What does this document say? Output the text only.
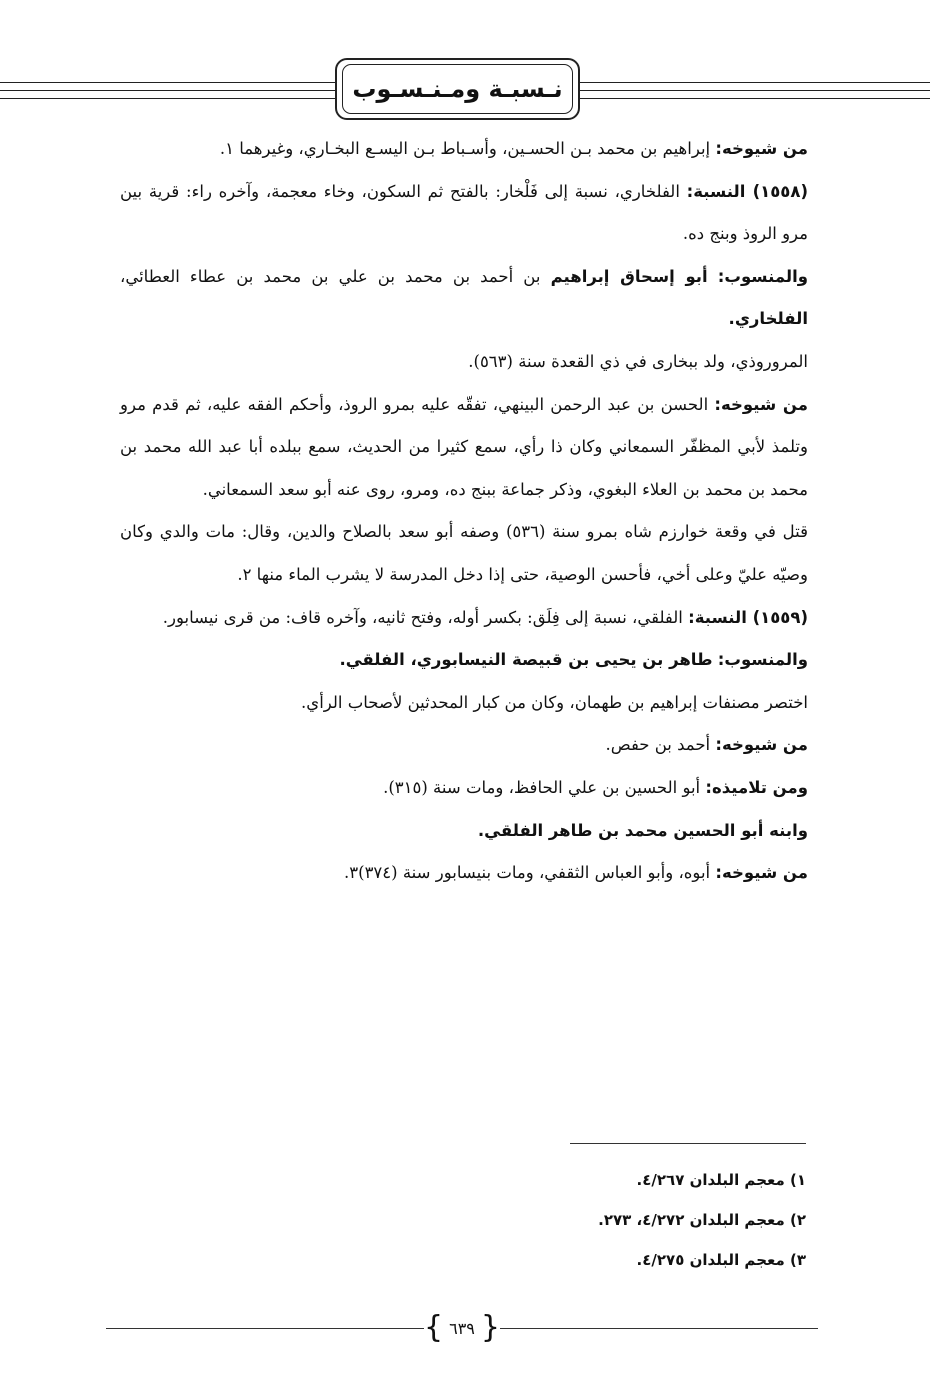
نـسبـة ومـنـسـوب

من شيوخه: إبراهيم بن محمد بـن الحسـين، وأسـباط بـن اليسـع البخـاري، وغيرهما ١.

(١٥٥٨) النسبة: الفلخاري، نسبة إلى فَلْخار: بالفتح ثم السكون، وخاء معجمة، وآخره راء: قرية بين مرو الروذ وبنج ده.

والمنسوب: أبو إسحاق إبراهيم بن أحمد بن محمد بن علي بن محمد بن عطاء العطائي، الفلخاري.

المروروذي، ولد ببخارى في ذي القعدة سنة (٥٦٣).

من شيوخه: الحسن بن عبد الرحمن البينهي، تفقّه عليه بمرو الروذ، وأحكم الفقه عليه، ثم قدم مرو وتلمذ لأبي المظفّر السمعاني وكان ذا رأي، سمع كثيرا من الحديث، سمع ببلده أبا عبد الله محمد بن محمد بن محمد بن العلاء البغوي، وذكر جماعة ببنج ده، ومرو، روى عنه أبو سعد السمعاني.

قتل في وقعة خوارزم شاه بمرو سنة (٥٣٦) وصفه أبو سعد بالصلاح والدين، وقال: مات والدي وكان وصيّه عليّ وعلى أخي، فأحسن الوصية، حتى إذا دخل المدرسة لا يشرب الماء منها ٢.

(١٥٥٩) النسبة: الفلقي، نسبة إلى فِلَق: بكسر أوله، وفتح ثانيه، وآخره قاف: من قرى نيسابور.

والمنسوب: طاهر بن يحيى بن قبيصة النيسابوري، الفلقي.

اختصر مصنفات إبراهيم بن طهمان، وكان من كبار المحدثين لأصحاب الرأي.

من شيوخه: أحمد بن حفص.

ومن تلاميذه: أبو الحسين بن علي الحافظ، ومات سنة (٣١٥).

وابنه أبو الحسين محمد بن طاهر الفلقي.

من شيوخه: أبوه، وأبو العباس الثقفي، ومات بنيسابور سنة (٣٧٤)٣.

١) معجم البلدان ٤/٢٦٧.

٢) معجم البلدان ٤/٢٧٢، ٢٧٣.

٣) معجم البلدان ٤/٢٧٥.

{ ٦٣٩ }
